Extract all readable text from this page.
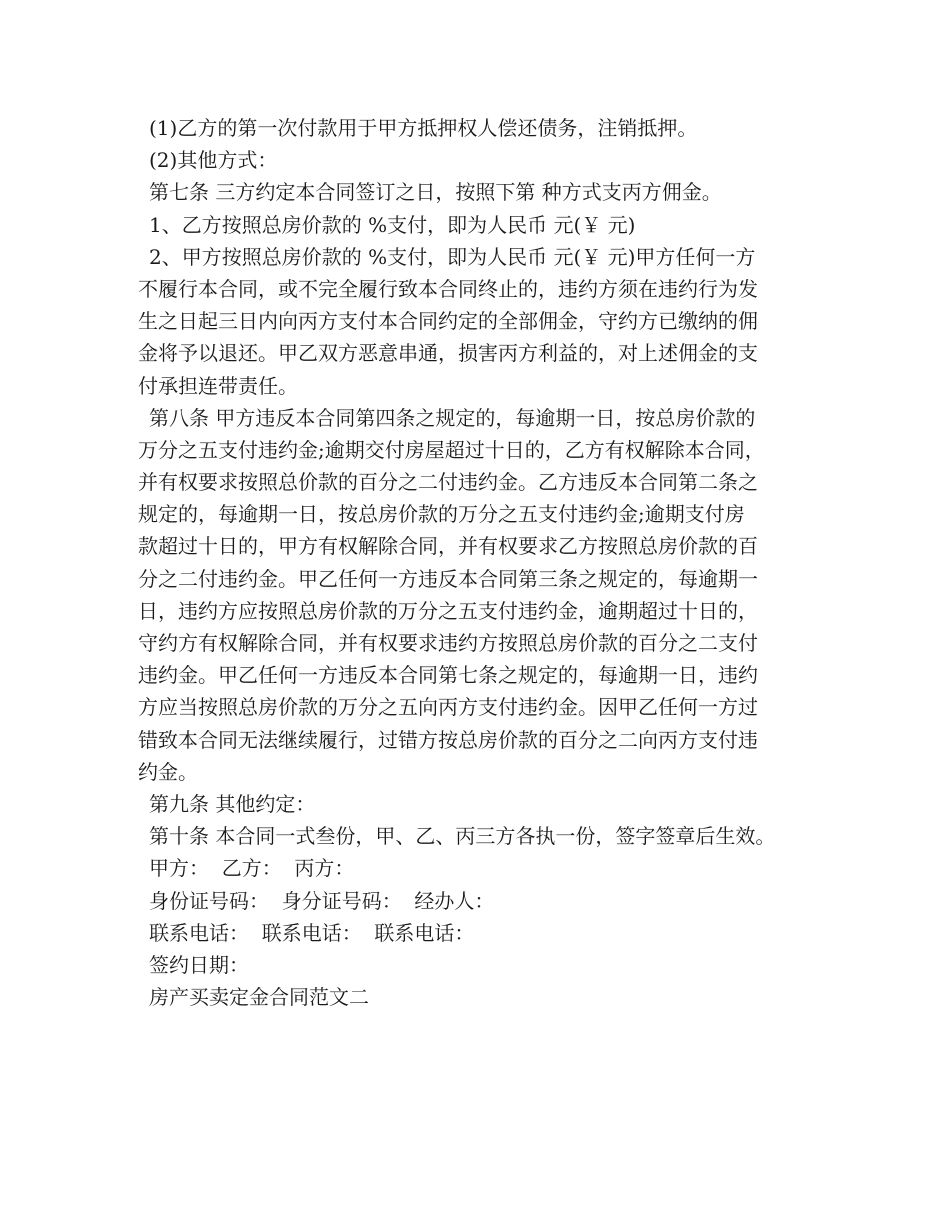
(1)乙方的第一次付款用于甲方抵押权人偿还债务，注销抵押。
(2)其他方式：
第七条 三方约定本合同签订之日，按照下第 种方式支丙方佣金。
1、乙方按照总房价款的 %支付，即为人民币 元(￥ 元)
2、甲方按照总房价款的 %支付，即为人民币 元(￥ 元)甲方任何一方
不履行本合同，或不完全履行致本合同终止的，违约方须在违约行为发
生之日起三日内向丙方支付本合同约定的全部佣金，守约方已缴纳的佣
金将予以退还。甲乙双方恶意串通，损害丙方利益的，对上述佣金的支
付承担连带责任。
第八条 甲方违反本合同第四条之规定的，每逾期一日，按总房价款的
万分之五支付违约金;逾期交付房屋超过十日的，乙方有权解除本合同，
并有权要求按照总价款的百分之二付违约金。乙方违反本合同第二条之
规定的，每逾期一日，按总房价款的万分之五支付违约金;逾期支付房
款超过十日的，甲方有权解除合同，并有权要求乙方按照总房价款的百
分之二付违约金。甲乙任何一方违反本合同第三条之规定的，每逾期一
日，违约方应按照总房价款的万分之五支付违约金，逾期超过十日的，
守约方有权解除合同，并有权要求违约方按照总房价款的百分之二支付
违约金。甲乙任何一方违反本合同第七条之规定的，每逾期一日，违约
方应当按照总房价款的万分之五向丙方支付违约金。因甲乙任何一方过
错致本合同无法继续履行，过错方按总房价款的百分之二向丙方支付违
约金。
第九条 其他约定：
第十条 本合同一式叁份，甲、乙、丙三方各执一份，签字签章后生效。
甲方：  乙方：  丙方：
身份证号码：  身分证号码：  经办人：
联系电话：  联系电话：  联系电话：
签约日期：
房产买卖定金合同范文二
